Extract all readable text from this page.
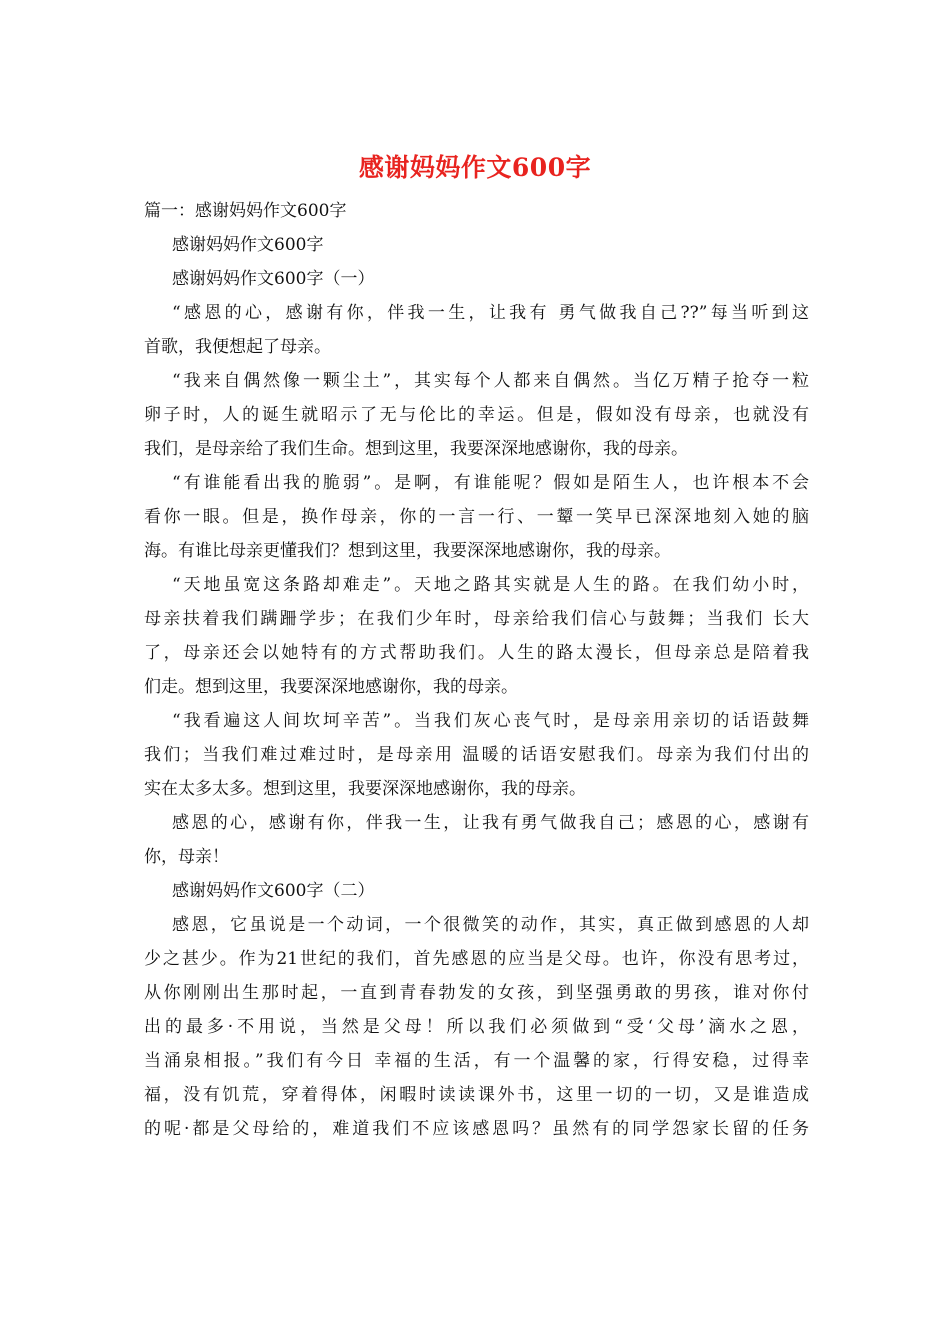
感谢妈妈作文600字
篇一：感谢妈妈作文600字
感谢妈妈作文600字
感谢妈妈作文600字（一）
“感恩的心，感谢有你，伴我一生，让我有 勇气做我自己??”每当听到这
首歌，我便想起了母亲。
“我来自偶然像一颗尘土”，其实每个人都来自偶然。当亿万精子抢夺一粒
卵子时，人的诞生就昭示了无与伦比的幸运。但是，假如没有母亲，也就没有
我们，是母亲给了我们生命。想到这里，我要深深地感谢你，我的母亲。
“有谁能看出我的脆弱”。是啊，有谁能呢？假如是陌生人，也许根本不会
看你一眼。但是，换作母亲，你的一言一行、一颦一笑早已深深地刻入她的脑
海。有谁比母亲更懂我们？想到这里，我要深深地感谢你，我的母亲。
“天地虽宽这条路却难走”。天地之路其实就是人生的路。在我们幼小时，
母亲扶着我们蹒跚学步；在我们少年时，母亲给我们信心与鼓舞；当我们 长大
了，母亲还会以她特有的方式帮助我们。人生的路太漫长，但母亲总是陪着我
们走。想到这里，我要深深地感谢你，我的母亲。
“我看遍这人间坎坷辛苦”。当我们灰心丧气时，是母亲用亲切的话语鼓舞
我们；当我们难过难过时，是母亲用 温暖的话语安慰我们。母亲为我们付出的
实在太多太多。想到这里，我要深深地感谢你，我的母亲。
感恩的心，感谢有你，伴我一生，让我有勇气做我自己；感恩的心，感谢有
你，母亲！
感谢妈妈作文600字（二）
感恩，它虽说是一个动词，一个很微笑的动作，其实，真正做到感恩的人却
少之甚少。作为21世纪的我们，首先感恩的应当是父母。也许，你没有思考过，
从你刚刚出生那时起，一直到青春勃发的女孩，到坚强勇敢的男孩，谁对你付
出的最多·不用说，当然是父母！所以我们必须做到“受‘父母’滴水之恩，
当涌泉相报。”我们有今日 幸福的生活，有一个温馨的家，行得安稳，过得幸
福，没有饥荒，穿着得体，闲暇时读读课外书，这里一切的一切，又是谁造成
的呢·都是父母给的，难道我们不应该感恩吗？虽然有的同学怨家长留的任务
